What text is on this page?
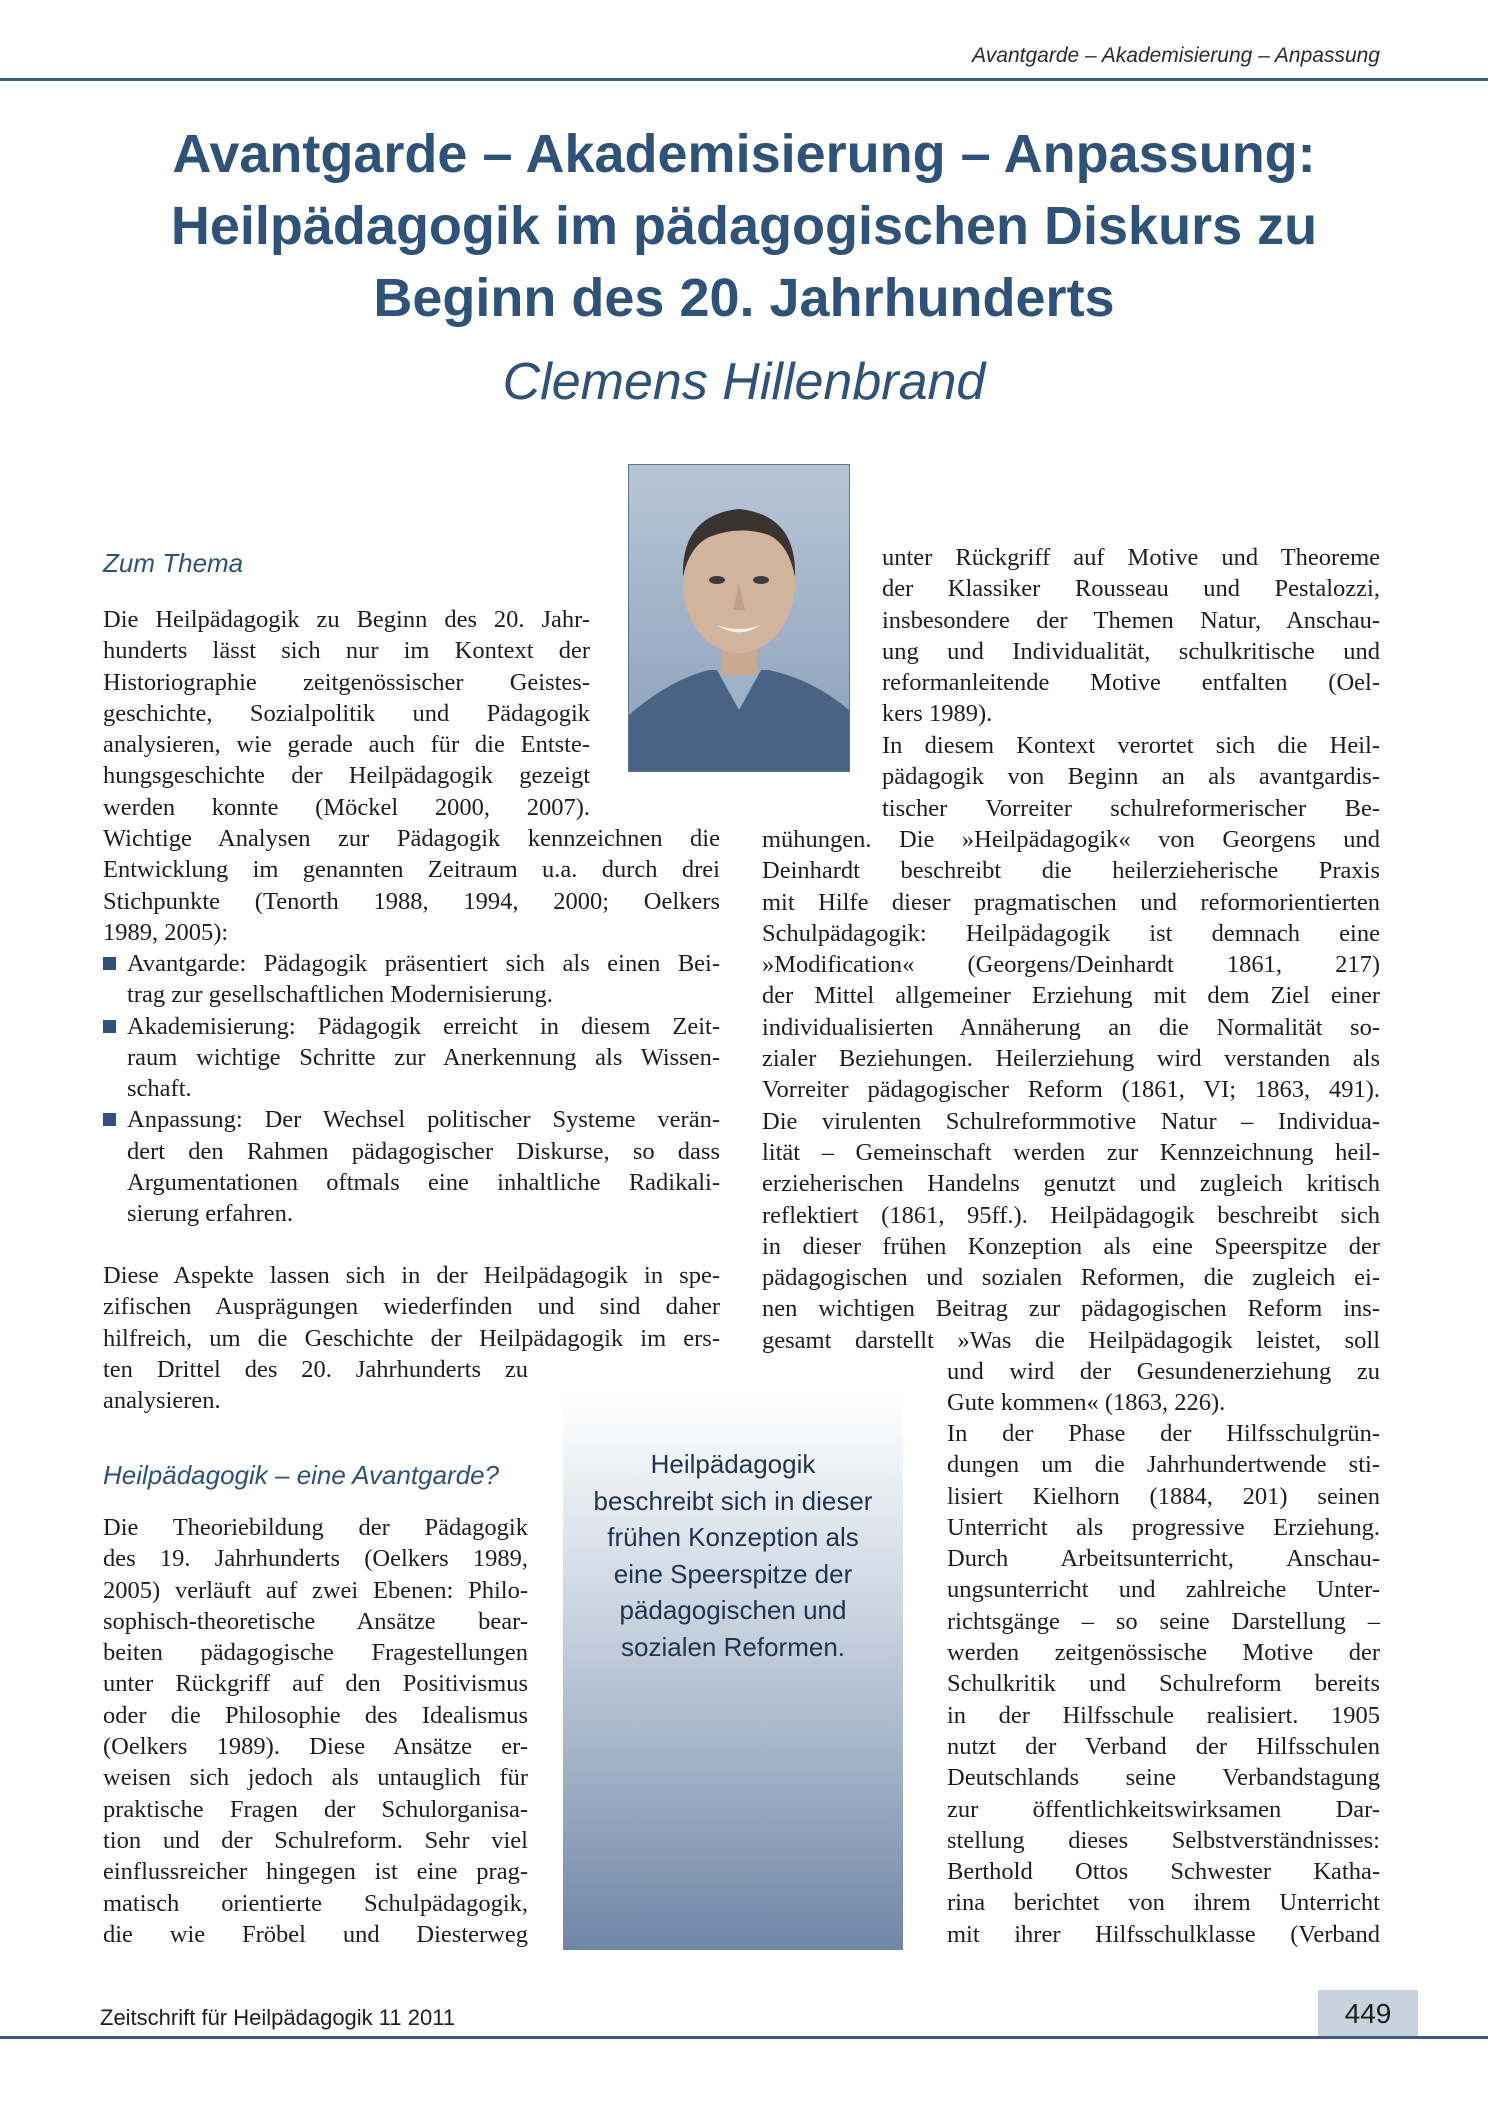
Avantgarde – Akademisierung – Anpassung
Avantgarde – Akademisierung – Anpassung:
Heilpädagogik im pädagogischen Diskurs zu
Beginn des 20. Jahrhunderts
Clemens Hillenbrand
Zum Thema
Die Heilpädagogik zu Beginn des 20. Jahr-
hunderts lässt sich nur im Kontext der
Historiographie zeitgenössischer Geistes-
geschichte, Sozialpolitik und Pädagogik
analysieren, wie gerade auch für die Entste-
hungsgeschichte der Heilpädagogik gezeigt
werden konnte (Möckel 2000, 2007).
Wichtige Analysen zur Pädagogik kennzeichnen die
Entwicklung im genannten Zeitraum u.a. durch drei
Stichpunkte (Tenorth 1988, 1994, 2000; Oelkers
1989, 2005):
Avantgarde: Pädagogik präsentiert sich als einen Bei-
trag zur gesellschaftlichen Modernisierung.
Akademisierung: Pädagogik erreicht in diesem Zeit-
raum wichtige Schritte zur Anerkennung als Wissen-
schaft.
Anpassung: Der Wechsel politischer Systeme verän-
dert den Rahmen pädagogischer Diskurse, so dass
Argumentationen oftmals eine inhaltliche Radikali-
sierung erfahren.
Diese Aspekte lassen sich in der Heilpädagogik in spe-
zifischen Ausprägungen wiederfinden und sind daher
hilfreich, um die Geschichte der Heilpädagogik im ers-
ten Drittel des 20. Jahrhunderts zu
analysieren.
Heilpädagogik – eine Avantgarde?
Die Theoriebildung der Pädagogik
des 19. Jahrhunderts (Oelkers 1989,
2005) verläuft auf zwei Ebenen: Philo-
sophisch-theoretische Ansätze bear-
beiten pädagogische Fragestellungen
unter Rückgriff auf den Positivismus
oder die Philosophie des Idealismus
(Oelkers 1989). Diese Ansätze er-
weisen sich jedoch als untauglich für
praktische Fragen der Schulorganisa-
tion und der Schulreform. Sehr viel
einflussreicher hingegen ist eine prag-
matisch orientierte Schulpädagogik,
die wie Fröbel und Diesterweg
unter Rückgriff auf Motive und Theoreme
der Klassiker Rousseau und Pestalozzi,
insbesondere der Themen Natur, Anschau-
ung und Individualität, schulkritische und
reformanleitende Motive entfalten (Oel-
kers 1989).
In diesem Kontext verortet sich die Heil-
pädagogik von Beginn an als avantgardis-
tischer Vorreiter schulreformerischer Be-
mühungen. Die »Heilpädagogik« von Georgens und
Deinhardt beschreibt die heilerzieherische Praxis
mit Hilfe dieser pragmatischen und reformorientierten
Schulpädagogik: Heilpädagogik ist demnach eine
»Modification« (Georgens/Deinhardt 1861, 217)
der Mittel allgemeiner Erziehung mit dem Ziel einer
individualisierten Annäherung an die Normalität so-
zialer Beziehungen. Heilerziehung wird verstanden als
Vorreiter pädagogischer Reform (1861, VI; 1863, 491).
Die virulenten Schulreformmotive Natur – Individua-
lität – Gemeinschaft werden zur Kennzeichnung heil-
erzieherischen Handelns genutzt und zugleich kritisch
reflektiert (1861, 95ff.). Heilpädagogik beschreibt sich
in dieser frühen Konzeption als eine Speerspitze der
pädagogischen und sozialen Reformen, die zugleich ei-
nen wichtigen Beitrag zur pädagogischen Reform ins-
gesamt darstellt »Was die Heilpädagogik leistet, soll
und wird der Gesundenerziehung zu
Gute kommen« (1863, 226).
In der Phase der Hilfsschulgrün-
dungen um die Jahrhundertwende sti-
lisiert Kielhorn (1884, 201) seinen
Unterricht als progressive Erziehung.
Durch Arbeitsunterricht, Anschau-
ungsunterricht und zahlreiche Unter-
richtsgänge – so seine Darstellung –
werden zeitgenössische Motive der
Schulkritik und Schulreform bereits
in der Hilfsschule realisiert. 1905
nutzt der Verband der Hilfsschulen
Deutschlands seine Verbandstagung
zur öffentlichkeitswirksamen Dar-
stellung dieses Selbstverständnisses:
Berthold Ottos Schwester Katha-
rina berichtet von ihrem Unterricht
mit ihrer Hilfsschulklasse (Verband
Heilpädagogik
beschreibt sich in dieser
frühen Konzeption als
eine Speerspitze der
pädagogischen und
sozialen Reformen.
Zeitschrift für Heilpädagogik 11 2011	449
